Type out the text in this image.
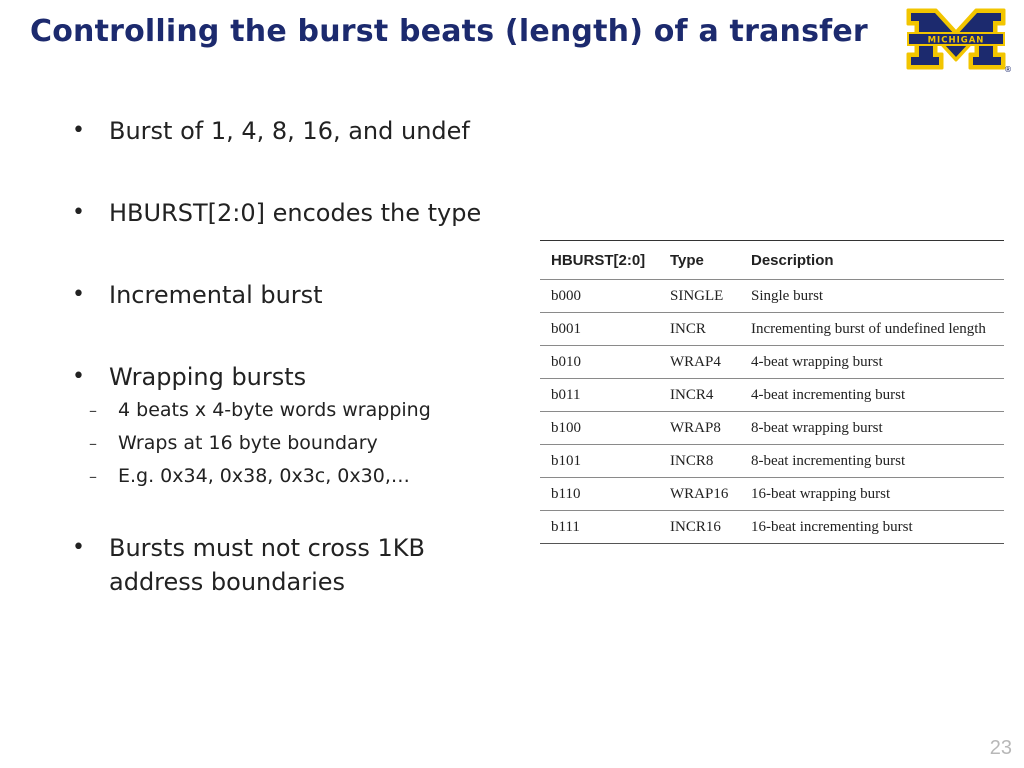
Controlling the burst beats (length) of a transfer	MICHIGAN
®
• Burst of 1, 4, 8, 16, and undef
• HBURST[2:0] encodes the type
• Incremental burst
• Wrapping bursts
– 4 beats x 4-byte words wrapping
– Wraps at 16 byte boundary
– E.g. 0x34, 0x38, 0x3c, 0x30,…
• Bursts must not cross 1KB address boundaries
HBURST[2:0]	Type	Description
b000	SINGLE	Single burst
b001	INCR	Incrementing burst of undefined length
b010	WRAP4	4-beat wrapping burst
b011	INCR4	4-beat incrementing burst
b100	WRAP8	8-beat wrapping burst
b101	INCR8	8-beat incrementing burst
b110	WRAP16	16-beat wrapping burst
b111	INCR16	16-beat incrementing burst
23
